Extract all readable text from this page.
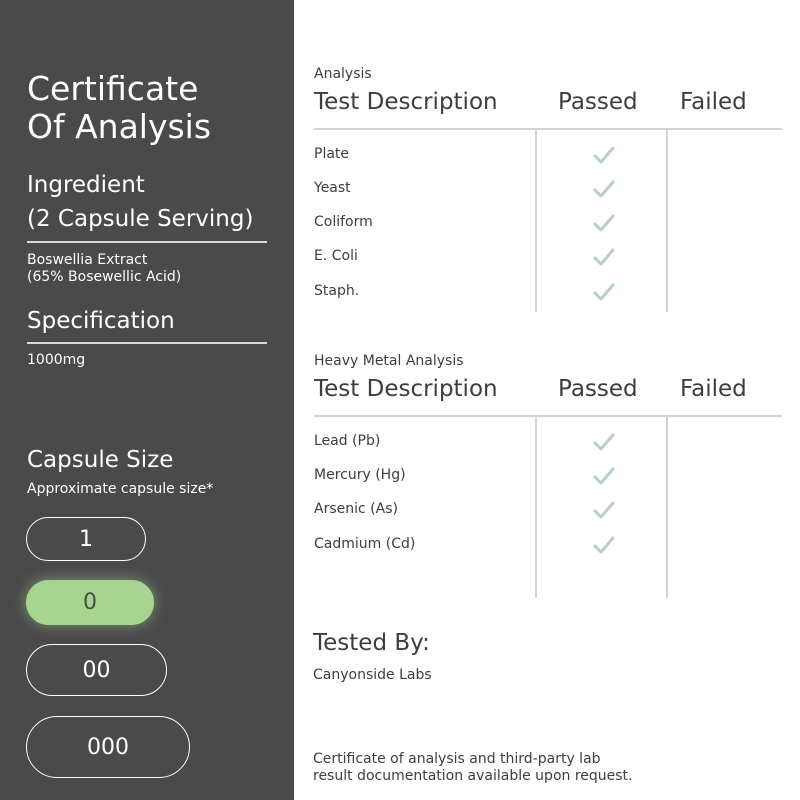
Certificate
Of Analysis
Ingredient
(2 Capsule Serving)
Boswellia Extract
(65% Bosewellic Acid)
Specification
1000mg
Capsule Size
Approximate capsule size*
1
0
00
000
Analysis
Test Description	Passed Failed
Plate
Yeast
Coliform
E. Coli
Staph.
Heavy Metal Analysis
Test Description	Passed Failed
Lead (Pb)
Mercury (Hg)
Arsenic (As)
Cadmium (Cd)
Tested By:
Canyonside Labs
Certificate of analysis and third-party lab
result documentation available upon request.
